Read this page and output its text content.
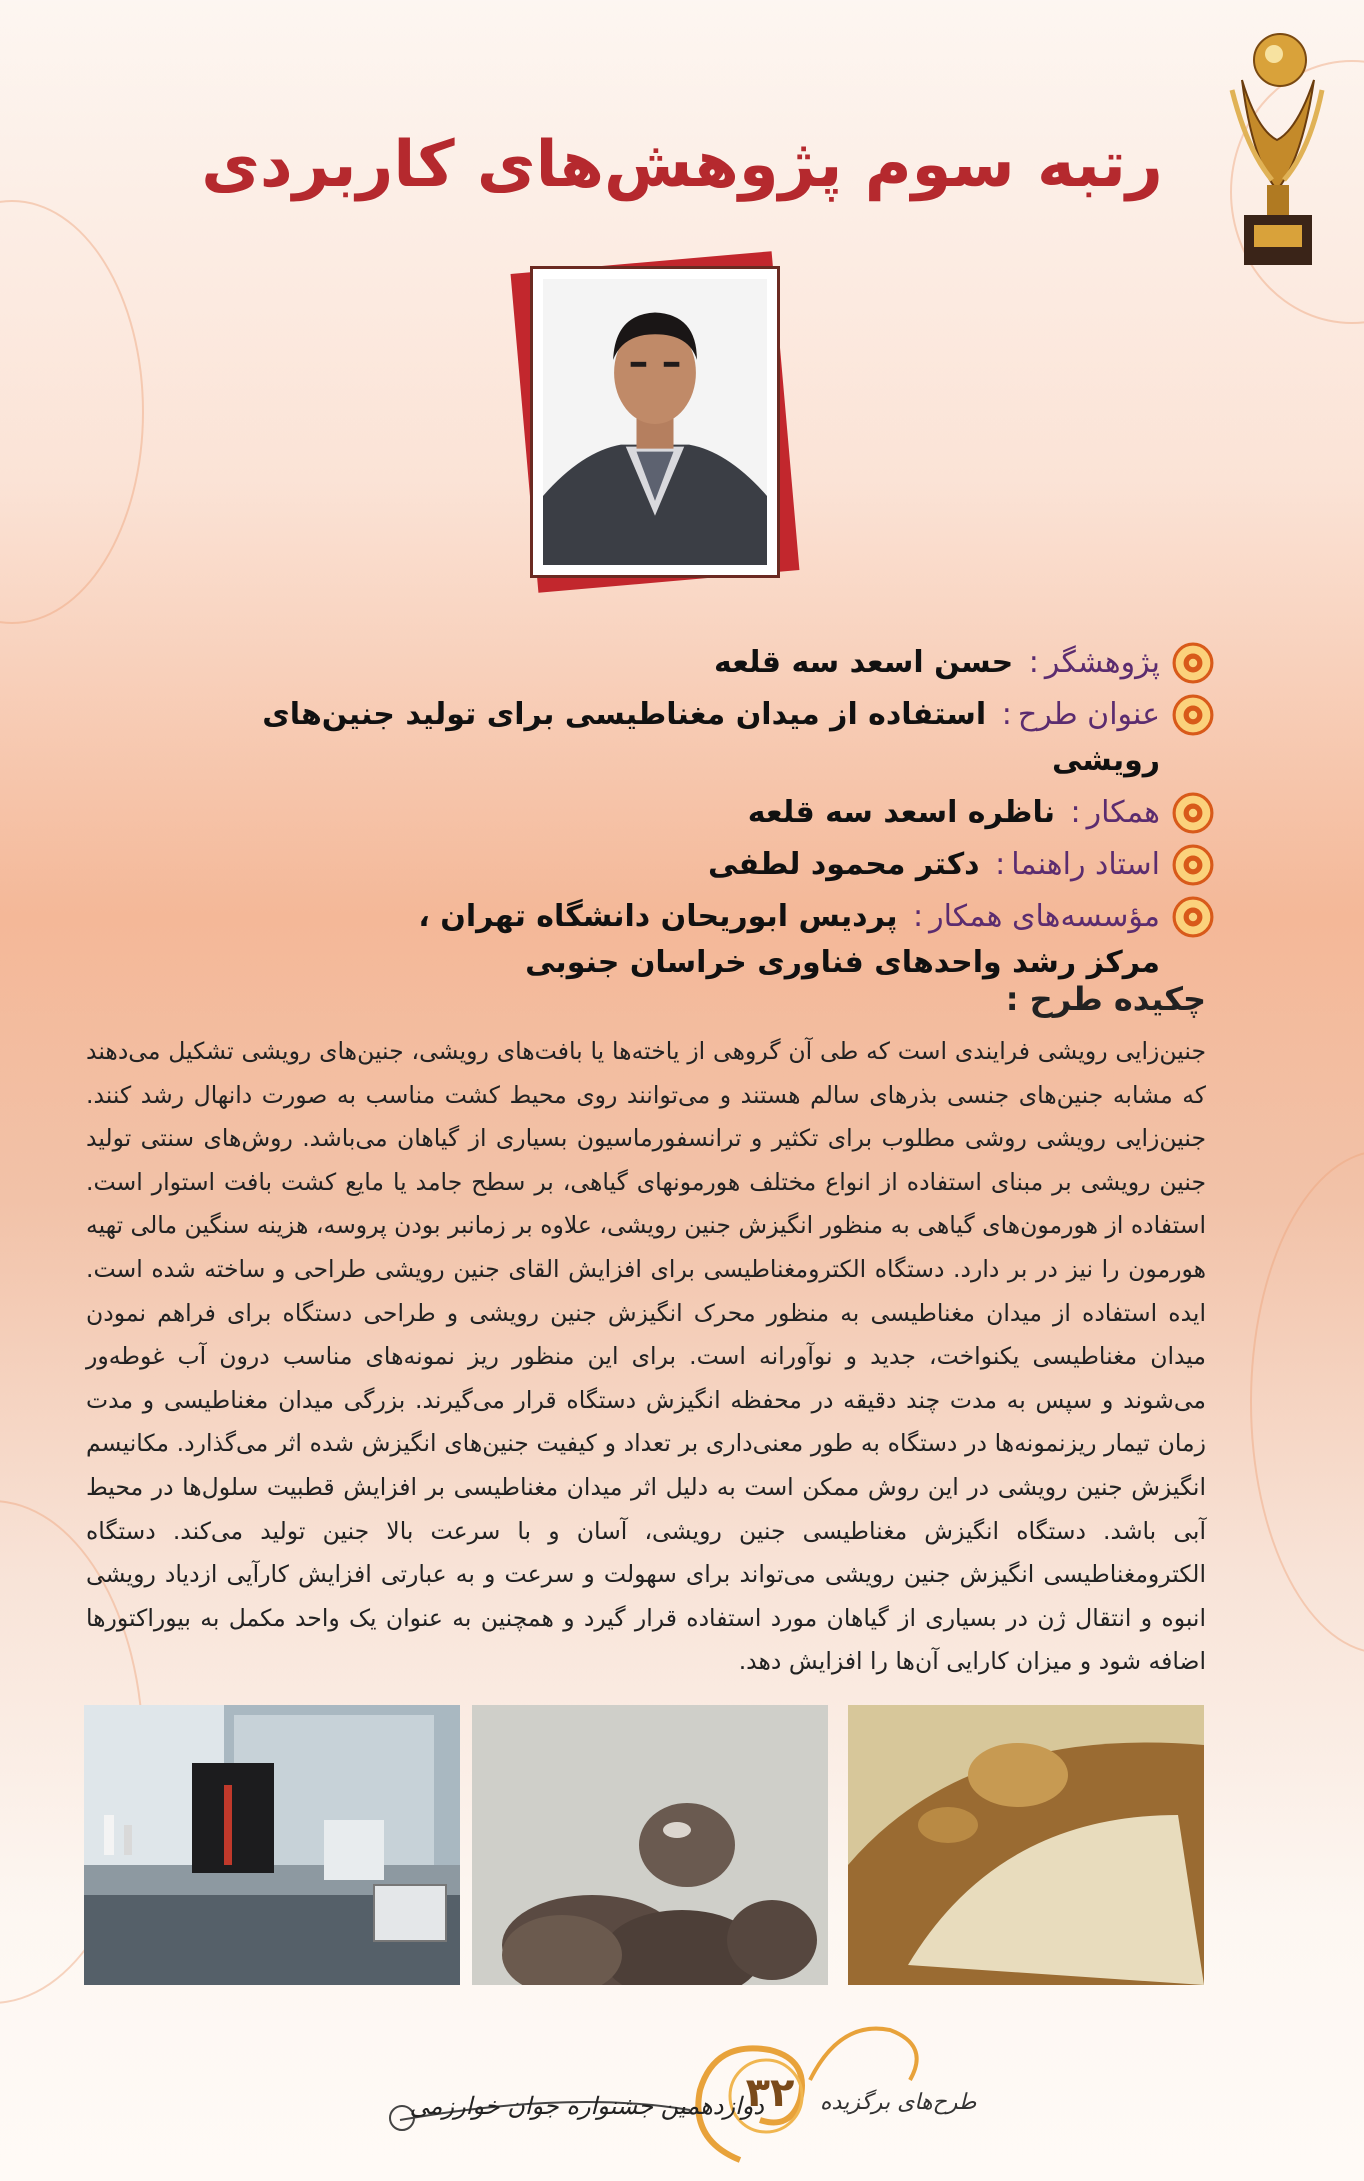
رتبه سوم پژوهش‌های کاربردی
پژوهشگر: حسن اسعد سه قلعه
عنوان طرح: استفاده از میدان مغناطیسی برای تولید جنین‌های رویشی
همکار: ناظره اسعد سه قلعه
استاد راهنما: دکتر محمود لطفی
مؤسسه‌های همکار: پردیس ابوریحان دانشگاه تهران ، مرکز رشد واحدهای فناوری خراسان جنوبی
چکیده طرح :
جنین‌زایی رویشی فرایندی است که طی آن گروهی از یاخته‌ها یا بافت‌های رویشی، جنین‌های رویشی تشکیل می‌دهند که مشابه جنین‌های جنسی بذرهای سالم هستند و می‌توانند روی محیط کشت مناسب به صورت دانهال رشد کنند. جنین‌زایی رویشی روشی مطلوب برای تکثیر و ترانسفورماسیون بسیاری از گیاهان می‌باشد. روش‌های سنتی تولید جنین رویشی بر مبنای استفاده از انواع مختلف هورمونهای گیاهی، بر سطح جامد یا مایع کشت بافت استوار است. استفاده از هورمون‌های گیاهی به منظور انگیزش جنین رویشی، علاوه بر زمانبر بودن پروسه، هزینه سنگین مالی تهیه هورمون را نیز در بر دارد. دستگاه الکترومغناطیسی برای افزایش القای جنین رویشی طراحی و ساخته شده است. ایده استفاده از میدان مغناطیسی به منظور محرک انگیزش جنین رویشی و طراحی دستگاه برای فراهم نمودن میدان مغناطیسی یکنواخت، جدید و نوآورانه است. برای این منظور ریز نمونه‌های مناسب درون آب غوطه‌ور می‌شوند و سپس به مدت چند دقیقه در محفظه انگیزش دستگاه قرار می‌گیرند. بزرگی میدان مغناطیسی و مدت زمان تیمار ریزنمونه‌ها در دستگاه به طور معنی‌داری بر تعداد و کیفیت جنین‌های انگیزش شده اثر می‌گذارد. مکانیسم انگیزش جنین رویشی در این روش ممکن است به دلیل اثر میدان مغناطیسی بر افزایش قطبیت سلول‌ها در محیط آبی باشد. دستگاه انگیزش مغناطیسی جنین رویشی، آسان و با سرعت بالا جنین تولید می‌کند. دستگاه الکترومغناطیسی انگیزش جنین رویشی می‌تواند برای سهولت و سرعت و به عبارتی افزایش کارآیی ازدیاد رویشی انبوه و انتقال ژن در بسیاری از گیاهان مورد استفاده قرار گیرد و همچنین به عنوان یک واحد مکمل به بیوراکتورها اضافه شود و میزان کارایی آن‌ها را افزایش دهد.
۳۲ طرح‌های برگزیده
دوازدهمین جشنواره جوان خوارزمی
